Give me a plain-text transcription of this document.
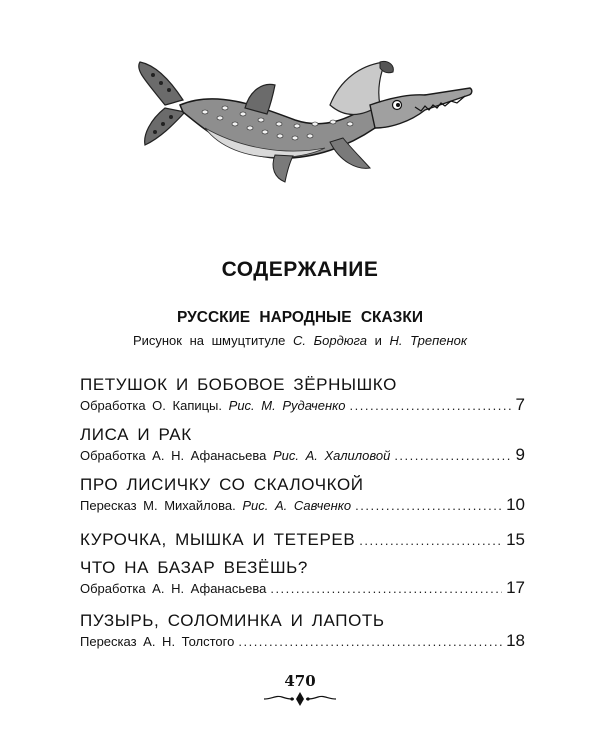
СОДЕРЖАНИЕ
РУССКИЕ НАРОДНЫЕ СКАЗКИ
Рисунок на шмуцтитуле С. Бордюга и Н. Трепенок
ПЕТУШОК И БОБОВОЕ ЗЁРНЫШКО
Обработка О. Капицы. Рис. М. Рудаченко .....	7
ЛИСА И РАК
Обработка А. Н. Афанасьева Рис. А. Халиловой .....	9
ПРО ЛИСИЧКУ СО СКАЛОЧКОЙ
Пересказ М. Михайлова. Рис. А. Савченко .....	10
КУРОЧКА, МЫШКА И ТЕТЕРЕВ .....	15
ЧТО НА БАЗАР ВЕЗЁШЬ?
Обработка А. Н. Афанасьева .....	17
ПУЗЫРЬ, СОЛОМИНКА И ЛАПОТЬ
Пересказ А. Н. Толстого .....	18
470
